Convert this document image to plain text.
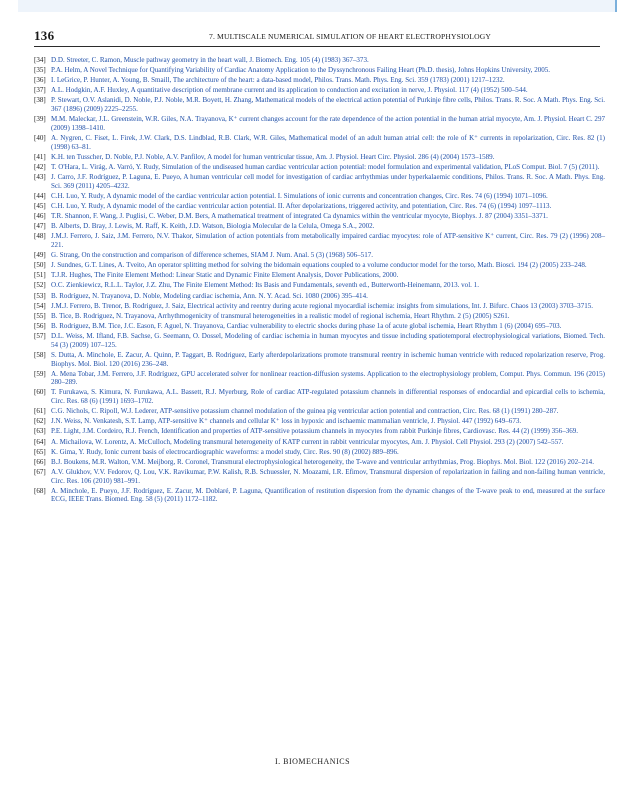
136	7. MULTISCALE NUMERICAL SIMULATION OF HEART ELECTROPHYSIOLOGY
[34] D.D. Streeter, C. Ramon, Muscle pathway geometry in the heart wall, J. Biomech. Eng. 105 (4) (1983) 367–373.
[35] P.A. Helm, A Novel Technique for Quantifying Variability of Cardiac Anatomy Application to the Dyssynchronous Failing Heart (Ph.D. thesis), Johns Hopkins University, 2005.
[36] I. LeGrice, P. Hunter, A. Young, B. Smaill, The architecture of the heart: a data-based model, Philos. Trans. Math. Phys. Eng. Sci. 359 (1783) (2001) 1217–1232.
[37] A.L. Hodgkin, A.F. Huxley, A quantitative description of membrane current and its application to conduction and excitation in nerve, J. Physiol. 117 (4) (1952) 500–544.
[38] P. Stewart, O.V. Aslanidi, D. Noble, P.J. Noble, M.R. Boyett, H. Zhang, Mathematical models of the electrical action potential of Purkinje fibre cells, Philos. Trans. R. Soc. A Math. Phys. Eng. Sci. 367 (1896) (2009) 2225–2255.
[39] M.M. Maleckar, J.L. Greenstein, W.R. Giles, N.A. Trayanova, K⁺ current changes account for the rate dependence of the action potential in the human atrial myocyte, Am. J. Physiol. Heart C. 297 (2009) 1398–1410.
[40] A. Nygren, C. Fiset, L. Firek, J.W. Clark, D.S. Lindblad, R.B. Clark, W.R. Giles, Mathematical model of an adult human atrial cell: the role of K⁺ currents in repolarization, Circ. Res. 82 (1) (1998) 63–81.
[41] K.H. ten Tusscher, D. Noble, P.J. Noble, A.V. Panfilov, A model for human ventricular tissue, Am. J. Physiol. Heart Circ. Physiol. 286 (4) (2004) 1573–1589.
[42] T. O'Hara, L. Virág, A. Varró, Y. Rudy, Simulation of the undiseased human cardiac ventricular action potential: model formulation and experimental validation, PLoS Comput. Biol. 7 (5) (2011).
[43] J. Carro, J.F. Rodríguez, P. Laguna, E. Pueyo, A human ventricular cell model for investigation of cardiac arrhythmias under hyperkalaemic conditions, Philos. Trans. R. Soc. A Math. Phys. Eng. Sci. 369 (2011) 4205–4232.
[44] C.H. Luo, Y. Rudy, A dynamic model of the cardiac ventricular action potential. I. Simulations of ionic currents and concentration changes, Circ. Res. 74 (6) (1994) 1071–1096.
[45] C.H. Luo, Y. Rudy, A dynamic model of the cardiac ventricular action potential. II. After depolarizations, triggered activity, and potentiation, Circ. Res. 74 (6) (1994) 1097–1113.
[46] T.R. Shannon, F. Wang, J. Puglisi, C. Weber, D.M. Bers, A mathematical treatment of integrated Ca dynamics within the ventricular myocyte, Biophys. J. 87 (2004) 3351–3371.
[47] B. Alberts, D. Bray, J. Lewis, M. Raff, K. Keith, J.D. Watson, Biologia Molecular de la Celula, Omega S.A., 2002.
[48] J.M.J. Ferrero, J. Saiz, J.M. Ferrero, N.V. Thakor, Simulation of action potentials from metabolically impaired cardiac myocytes: role of ATP-sensitive K⁺ current, Circ. Res. 79 (2) (1996) 208–221.
[49] G. Strang, On the construction and comparison of difference schemes, SIAM J. Num. Anal. 5 (3) (1968) 506–517.
[50] J. Sundnes, G.T. Lines, A. Tveito, An operator splitting method for solving the bidomain equations coupled to a volume conductor model for the torso, Math. Biosci. 194 (2) (2005) 233–248.
[51] T.J.R. Hughes, The Finite Element Method: Linear Static and Dynamic Finite Element Analysis, Dover Publications, 2000.
[52] O.C. Zienkiewicz, R.L.L. Taylor, J.Z. Zhu, The Finite Element Method: Its Basis and Fundamentals, seventh ed., Butterworth-Heinemann, 2013. vol. 1.
[53] B. Rodríguez, N. Trayanova, D. Noble, Modeling cardiac ischemia, Ann. N. Y. Acad. Sci. 1080 (2006) 395–414.
[54] J.M.J. Ferrero, B. Trenor, B. Rodriguez, J. Saiz, Electrical activity and reentry during acute regional myocardial ischemia: insights from simulations, Int. J. Bifurc. Chaos 13 (2003) 3703–3715.
[55] B. Tice, B. Rodriguez, N. Trayanova, Arrhythmogenicity of transmural heterogeneities in a realistic model of regional ischemia, Heart Rhythm. 2 (5) (2005) S261.
[56] B. Rodriguez, B.M. Tice, J.C. Eason, F. Aguel, N. Trayanova, Cardiac vulnerability to electric shocks during phase 1a of acute global ischemia, Heart Rhythm 1 (6) (2004) 695–703.
[57] D.L. Weiss, M. Ifland, F.B. Sachse, G. Seemann, O. Dossel, Modeling of cardiac ischemia in human myocytes and tissue including spatiotemporal electrophysiological variations, Biomed. Tech. 54 (3) (2009) 107–125.
[58] S. Dutta, A. Minchole, E. Zacur, A. Quinn, P. Taggart, B. Rodriguez, Early afterdepolarizations promote transmural reentry in ischemic human ventricle with reduced repolarization reserve, Prog. Biophys. Mol. Biol. 120 (2016) 236–248.
[59] A. Mena Tobar, J.M. Ferrero, J.F. Rodríguez, GPU accelerated solver for nonlinear reaction-diffusion systems. Application to the electrophysiology problem, Comput. Phys. Commun. 196 (2015) 280–289.
[60] T. Furukawa, S. Kimura, N. Furukawa, A.L. Bassett, R.J. Myerburg, Role of cardiac ATP-regulated potassium channels in differential responses of endocardial and epicardial cells to ischemia, Circ. Res. 68 (6) (1991) 1693–1702.
[61] C.G. Nichols, C. Ripoll, W.J. Lederer, ATP-sensitive potassium channel modulation of the guinea pig ventricular action potential and contraction, Circ. Res. 68 (1) (1991) 280–287.
[62] J.N. Weiss, N. Venkatesh, S.T. Lamp, ATP-sensitive K⁺ channels and cellular K⁺ loss in hypoxic and ischaemic mammalian ventricle, J. Physiol. 447 (1992) 649–673.
[63] P.E. Light, J.M. Cordeiro, R.J. French, Identification and properties of ATP-sensitive potassium channels in myocytes from rabbit Purkinje fibres, Cardiovasc. Res. 44 (2) (1999) 356–369.
[64] A. Michailova, W. Lorentz, A. McCulloch, Modeling transmural heterogeneity of KATP current in rabbit ventricular myocytes, Am. J. Physiol. Cell Physiol. 293 (2) (2007) 542–557.
[65] K. Gima, Y. Rudy, Ionic current basis of electrocardiographic waveforms: a model study, Circ. Res. 90 (8) (2002) 889–896.
[66] B.J. Boukens, M.R. Walton, V.M. Meijborg, R. Coronel, Transmural electrophysiological heterogeneity, the T-wave and ventricular arrhythmias, Prog. Biophys. Mol. Biol. 122 (2016) 202–214.
[67] A.V. Glukhov, V.V. Fedorov, Q. Lou, V.K. Ravikumar, P.W. Kalish, R.B. Schuessler, N. Moazami, I.R. Efimov, Transmural dispersion of repolarization in failing and non-failing human ventricle, Circ. Res. 106 (2010) 981–991.
[68] A. Minchole, E. Pueyo, J.F. Rodríguez, E. Zacur, M. Doblaré, P. Laguna, Quantification of restitution dispersion from the dynamic changes of the T-wave peak to end, measured at the surface ECG, IEEE Trans. Biomed. Eng. 58 (5) (2011) 1172–1182.
I. BIOMECHANICS
